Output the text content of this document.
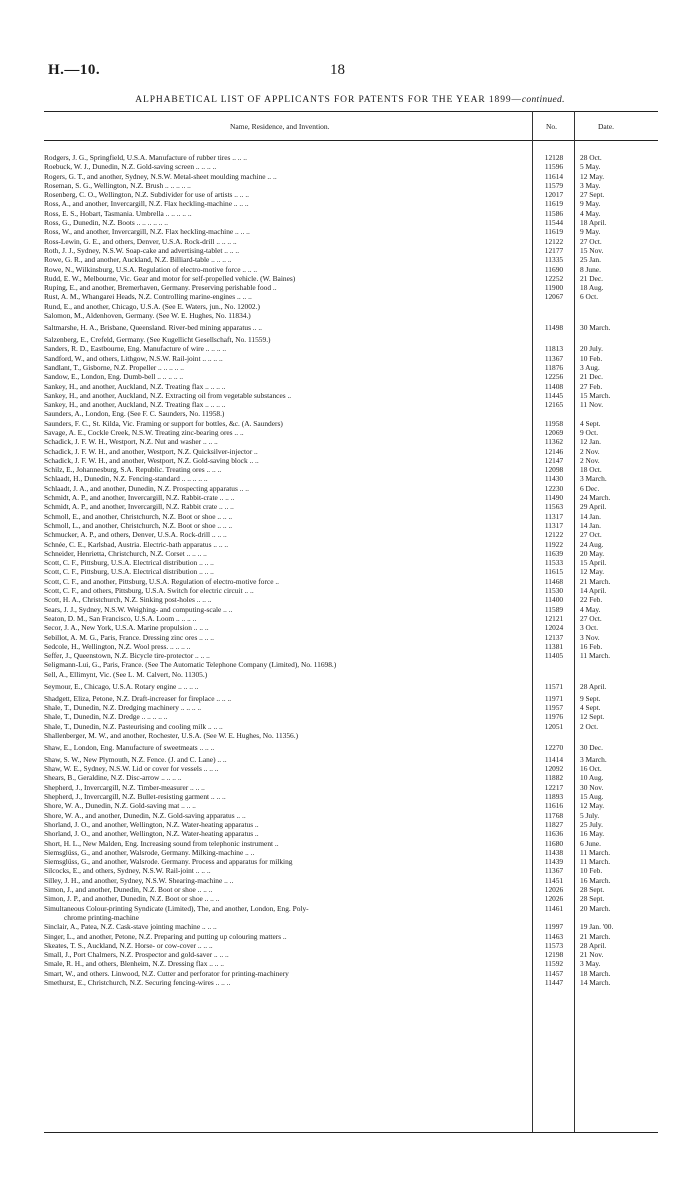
H.—10.	18
ALPHABETICAL LIST OF APPLICANTS FOR PATENTS FOR THE YEAR 1899—continued.
Name, Residence, and Invention.	No.	Date.
Rodgers, J. G., Springfield, U.S.A. Manufacture of rubber tires .. .. ..	12128	28 Oct.
Roebuck, W. J., Dunedin, N.Z. Gold-saving screen .. .. .. ..	11596	5 May.
Rogers, G. T., and another, Sydney, N.S.W. Metal-sheet moulding machine .. ..	11614	12 May.
Roseman, S. G., Wellington, N.Z. Brush .. .. .. .. ..	11579	3 May.
Rosenberg, C. O., Wellington, N.Z. Subdivider for use of artists .. .. ..	12017	27 Sept.
Ross, A., and another, Invercargill, N.Z. Flax heckling-machine .. .. ..	11619	9 May.
Ross, E. S., Hobart, Tasmania. Umbrella .. .. .. .. ..	11586	4 May.
Ross, G., Dunedin, N.Z. Boots .. .. .. .. .. ..	11544	18 April.
Ross, W., and another, Invercargill, N.Z. Flax heckling-machine .. .. ..	11619	9 May.
Ross-Lewin, G. E., and others, Denver, U.S.A. Rock-drill .. .. .. ..	12122	27 Oct.
Roth, J. J., Sydney, N.S.W. Soap-cake and advertising-tablet .. .. ..	12177	15 Nov.
Rowe, G. R., and another, Auckland, N.Z. Billiard-table .. .. .. ..	11335	25 Jan.
Rowe, N., Wilkinsburg, U.S.A. Regulation of electro-motive force .. .. ..	11690	8 June.
Rudd, E. W., Melbourne, Vic. Gear and motor for self-propelled vehicle. (W. Baines)	12252	21 Dec.
Ruping, E., and another, Bremerhaven, Germany. Preserving perishable food ..	11900	18 Aug.
Rust, A. M., Whangarei Heads, N.Z. Controlling marine-engines .. .. ..	12067	6 Oct.
Rund, E., and another, Chicago, U.S.A. (See E. Waters, jun., No. 12002.)
Salomon, M., Aldenhoven, Germany. (See W. E. Hughes, No. 11834.)
Saltmarshe, H. A., Brisbane, Queensland. River-bed mining apparatus .. ..	11498	30 March.
Salzenberg, E., Crefeld, Germany. (See Kugellicht Gesellschaft, No. 11559.)
Sanders, R. D., Eastbourne, Eng. Manufacture of wire .. .. .. ..	11813	20 July.
Sandford, W., and others, Lithgow, N.S.W. Rail-joint .. .. .. ..	11367	10 Feb.
Sandlant, T., Gisborne, N.Z. Propeller .. .. .. .. ..	11876	3 Aug.
Sandow, E., London, Eng. Dumb-bell .. .. .. .. ..	12256	21 Dec.
Sankey, H., and another, Auckland, N.Z. Treating flax .. .. .. ..	11408	27 Feb.
Sankey, H., and another, Auckland, N.Z. Extracting oil from vegetable substances ..	11445	15 March.
Sankey, H., and another, Auckland, N.Z. Treating flax .. .. .. ..	12165	11 Nov.
Saunders, A., London, Eng. (See F. C. Saunders, No. 11958.)
Saunders, F. C., St. Kilda, Vic. Framing or support for bottles, &c. (A. Saunders)	11958	4 Sept.
Savage, A. E., Cockle Creek, N.S.W. Treating zinc-bearing ores .. ..	12069	9 Oct.
Schadick, J. F. W. H., Westport, N.Z. Nut and washer .. .. ..	11362	12 Jan.
Schadick, J. F. W. H., and another, Westport, N.Z. Quicksilver-injector ..	12146	2 Nov.
Schadick, J. F. W. H., and another, Westport, N.Z. Gold-saving block .. ..	12147	2 Nov.
Schilz, E., Johannesburg, S.A. Republic. Treating ores .. .. ..	12098	18 Oct.
Schlaadt, H., Dunedin, N.Z. Fencing-standard .. .. .. .. ..	11430	3 March.
Schlaadt, J. A., and another, Dunedin, N.Z. Prospecting apparatus .. ..	12230	6 Dec.
Schmidt, A. P., and another, Invercargill, N.Z. Rabbit-crate .. .. ..	11490	24 March.
Schmidt, A. P., and another, Invercargill, N.Z. Rabbit crate .. .. ..	11563	29 April.
Schmoll, E., and another, Christchurch, N.Z. Boot or shoe .. .. ..	11317	14 Jan.
Schmoll, L., and another, Christchurch, N.Z. Boot or shoe .. .. ..	11317	14 Jan.
Schmucker, A. P., and others, Denver, U.S.A. Rock-drill .. .. ..	12122	27 Oct.
Schnée, C. E., Karlsbad, Austria. Electric-bath apparatus .. .. ..	11922	24 Aug.
Schneider, Henrietta, Christchurch, N.Z. Corset .. .. .. ..	11639	20 May.
Scott, C. F., Pittsburg, U.S.A. Electrical distribution .. .. ..	11533	15 April.
Scott, C. F., Pittsburg, U.S.A. Electrical distribution .. .. ..	11615	12 May.
Scott, C. F., and another, Pittsburg, U.S.A. Regulation of electro-motive force ..	11468	21 March.
Scott, C. F., and others, Pittsburg, U.S.A. Switch for electric circuit .. ..	11530	14 April.
Scott, H. A., Christchurch, N.Z. Sinking post-holes .. .. ..	11400	22 Feb.
Sears, J. J., Sydney, N.S.W. Weighing- and computing-scale .. ..	11589	4 May.
Seaton, D. M., San Francisco, U.S.A. Loom .. .. .. ..	12121	27 Oct.
Secor, J. A., New York, U.S.A. Marine propulsion .. .. ..	12024	3 Oct.
Sebillot, A. M. G., Paris, France. Dressing zinc ores .. .. ..	12137	3 Nov.
Sedcole, H., Wellington, N.Z. Wool press. .. .. .. ..	11381	16 Feb.
Seffer, J., Queenstown, N.Z. Bicycle tire-protector .. .. ..	11405	11 March.
Seligmann-Lui, G., Paris, France. (See The Automatic Telephone Company (Limited), No. 11698.)
Sell, A., Ellimynt, Vic. (See L. M. Calvert, No. 11305.)
Seymour, E., Chicago, U.S.A. Rotary engine .. .. .. ..	11571	28 April.
Shadgett, Eliza, Petone, N.Z. Draft-increaser for fireplace .. .. ..	11971	9 Sept.
Shale, T., Dunedin, N.Z. Dredging machinery .. .. .. ..	11957	4 Sept.
Shale, T., Dunedin, N.Z. Dredge .. .. .. .. ..	11976	12 Sept.
Shale, T., Dunedin, N.Z. Pasteurising and cooling milk .. .. ..	12051	2 Oct.
Shallenberger, M. W., and another, Rochester, U.S.A. (See W. E. Hughes, No. 11356.)
Shaw, E., London, Eng. Manufacture of sweetmeats .. .. ..	12270	30 Dec.
Shaw, S. W., New Plymouth, N.Z. Fence. (J. and C. Lane) .. ..	11414	3 March.
Shaw, W. E., Sydney, N.S.W. Lid or cover for vessels .. .. ..	12092	16 Oct.
Shears, B., Geraldine, N.Z. Disc-arrow .. .. .. ..	11882	10 Aug.
Shepherd, J., Invercargill, N.Z. Timber-measurer .. .. ..	12217	30 Nov.
Shepherd, J., Invercargill, N.Z. Bullet-resisting garment .. .. ..	11893	15 Aug.
Shore, W. A., Dunedin, N.Z. Gold-saving mat .. .. ..	11616	12 May.
Shore, W. A., and another, Dunedin, N.Z. Gold-saving apparatus .. ..	11768	5 July.
Shorland, J. O., and another, Wellington, N.Z. Water-heating apparatus ..	11827	25 July.
Shorland, J. O., and another, Wellington, N.Z. Water-heating apparatus ..	11636	16 May.
Short, H. L., New Malden, Eng. Increasing sound from telephonic instrument ..	11680	6 June.
Siemsglüss, G., and another, Walsrode, Germany. Milking-machine .. ..	11438	11 March.
Siemsglüss, G., and another, Walsrode. Germany. Process and apparatus for milking	11439	11 March.
Silcocks, E., and others, Sydney, N.S.W. Rail-joint .. .. ..	11367	10 Feb.
Silley, J. H., and another, Sydney, N.S.W. Shearing-machine .. ..	11451	16 March.
Simon, J., and another, Dunedin, N.Z. Boot or shoe .. .. ..	12026	28 Sept.
Simon, J. P., and another, Dunedin, N.Z. Boot or shoe .. .. ..	12026	28 Sept.
Simultaneous Colour-printing Syndicate (Limited), The, and another, London, Eng. Poly-	11461	20 March.
chrome printing-machine
Sinclair, A., Patea, N.Z. Cask-stave jointing machine .. .. ..	11997	19 Jan. '00.
Singer, L., and another, Petone, N.Z. Preparing and putting up colouring matters ..	11463	21 March.
Skeates, T. S., Auckland, N.Z. Horse- or cow-cover .. .. ..	11573	28 April.
Small, J., Port Chalmers, N.Z. Prospector and gold-saver .. .. ..	12198	21 Nov.
Smale, R. H., and others, Blenheim, N.Z. Dressing flax .. .. ..	11592	3 May.
Smart, W., and others. Linwood, N.Z. Cutter and perforator for printing-machinery	11457	18 March.
Smethurst, E., Christchurch, N.Z. Securing fencing-wires .. .. ..	11447	14 March.
